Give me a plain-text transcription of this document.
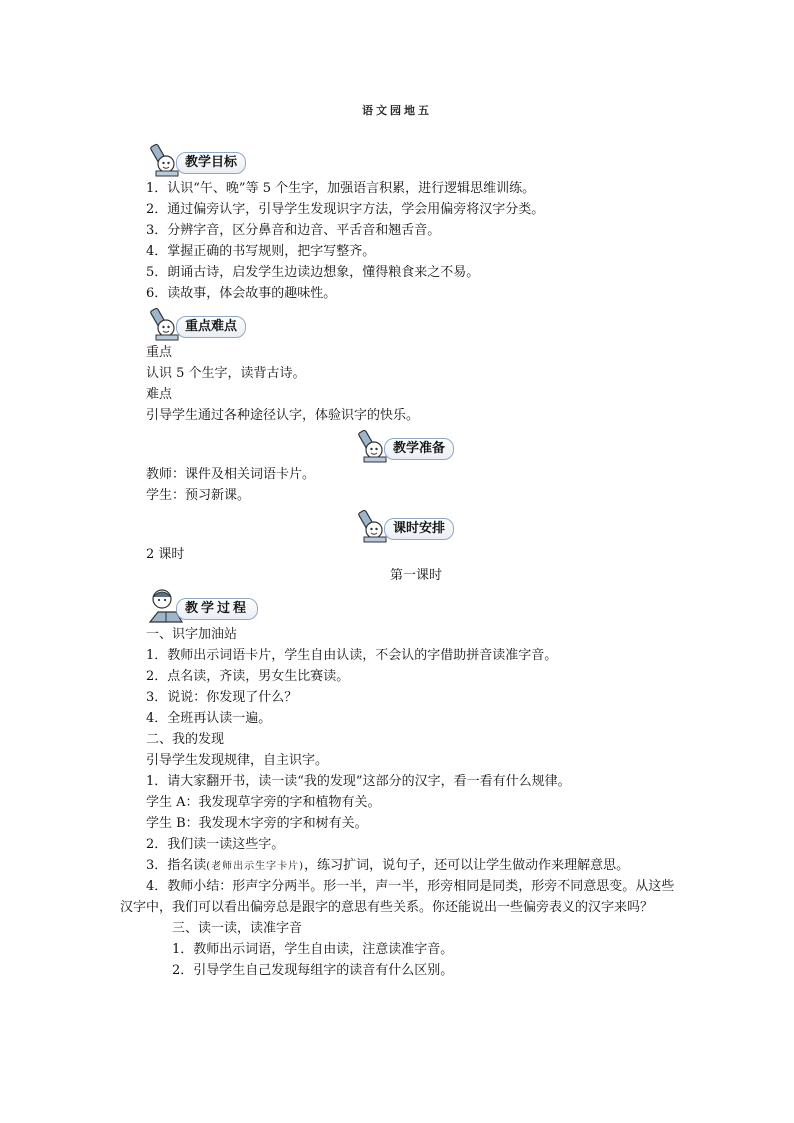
语文园地五
教学目标
1．认识“午、晚”等 5 个生字，加强语言积累，进行逻辑思维训练。
2．通过偏旁认字，引导学生发现识字方法，学会用偏旁将汉字分类。
3．分辨字音，区分鼻音和边音、平舌音和翘舌音。
4．掌握正确的书写规则，把字写整齐。
5．朗诵古诗，启发学生边读边想象，懂得粮食来之不易。
6．读故事，体会故事的趣味性。
重点难点
重点
认识 5 个生字，读背古诗。
难点
引导学生通过各种途径认字，体验识字的快乐。
教学准备
教师：课件及相关词语卡片。
学生：预习新课。
课时安排
2 课时
第一课时
教学过程
一、识字加油站
1．教师出示词语卡片，学生自由认读，不会认的字借助拼音读准字音。
2．点名读，齐读，男女生比赛读。
3．说说：你发现了什么？
4．全班再认读一遍。
二、我的发现
引导学生发现规律，自主识字。
1．请大家翻开书，读一读“我的发现”这部分的汉字，看一看有什么规律。
学生 A：我发现草字旁的字和植物有关。
学生 B：我发现木字旁的字和树有关。
2．我们读一读这些字。
3．指名读(老师出示生字卡片)，练习扩词，说句子，还可以让学生做动作来理解意思。
4．教师小结：形声字分两半。形一半，声一半，形旁相同是同类，形旁不同意思变。从这些汉字中，我们可以看出偏旁总是跟字的意思有些关系。你还能说出一些偏旁表义的汉字来吗？
三、读一读，读准字音
1．教师出示词语，学生自由读，注意读准字音。
2．引导学生自己发现每组字的读音有什么区别。
